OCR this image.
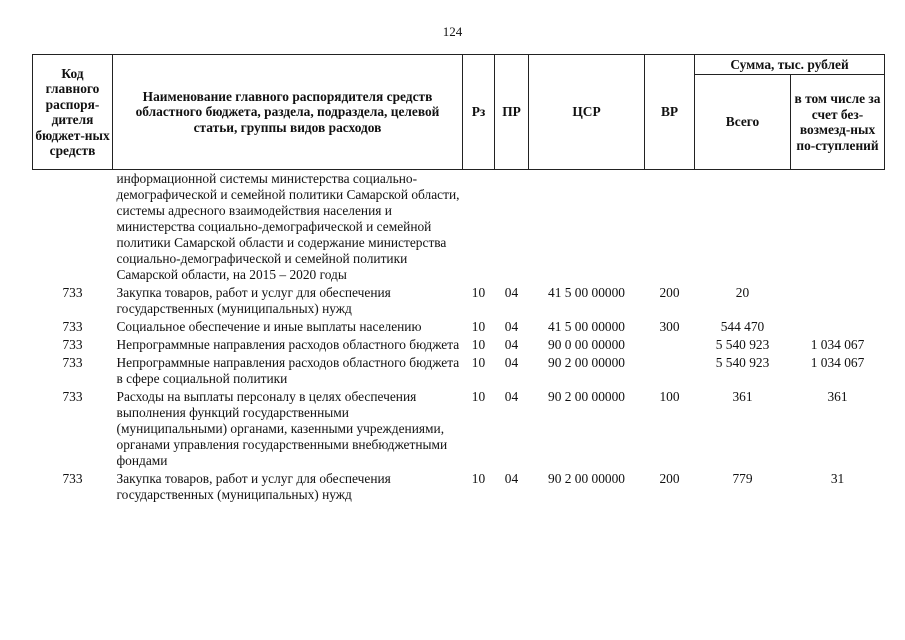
124
Код главного распоря-дителя бюджет-ных средств	Наименование главного распорядителя средств областного бюджета, раздела, подраздела, целевой статьи, группы видов расходов	Рз	ПР	ЦСР	ВР	Сумма, тыс. рублей	
						Всего	в том числе за счет без-возмезд-ных по-ступлений
	информационной системы министерства социально-демографической и семейной политики Самарской области, системы адресного взаимодействия населения и министерства социально-демографической и семейной политики Самарской области и содержание министерства социально-демографической и семейной политики Самарской области, на 2015 – 2020 годы						
733	Закупка товаров, работ и услуг для обеспечения государственных (муниципальных) нужд	10	04	41 5 00 00000	200	20	
733	Социальное обеспечение и иные выплаты населению	10	04	41 5 00 00000	300	544 470	
733	Непрограммные направления расходов областного бюджета	10	04	90 0 00 00000		5 540 923	1 034 067
733	Непрограммные направления расходов областного бюджета в сфере социальной политики	10	04	90 2 00 00000		5 540 923	1 034 067
733	Расходы на выплаты персоналу в целях обеспечения выполнения функций государственными (муниципальными) органами, казенными учреждениями, органами управления государственными внебюджетными фондами	10	04	90 2 00 00000	100	361	361
733	Закупка товаров, работ и услуг для обеспечения государственных (муниципальных) нужд	10	04	90 2 00 00000	200	779	31
